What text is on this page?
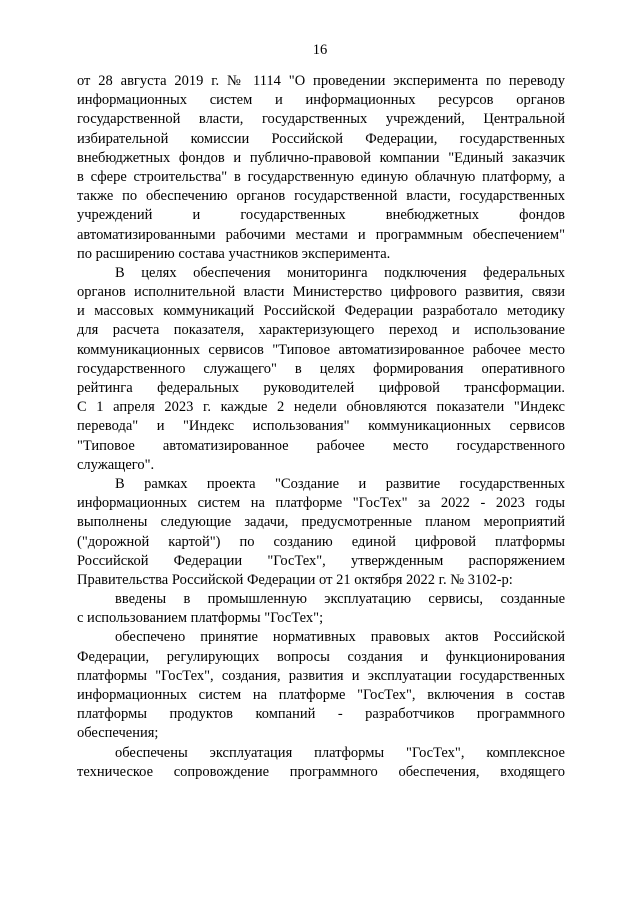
16

от 28 августа 2019 г. № 1114 "О проведении эксперимента по переводу
информационных систем и информационных ресурсов органов
государственной власти, государственных учреждений, Центральной
избирательной комиссии Российской Федерации, государственных
внебюджетных фондов и публично-правовой компании "Единый заказчик
в сфере строительства" в государственную единую облачную платформу, а
также по обеспечению органов государственной власти, государственных
учреждений и государственных внебюджетных фондов
автоматизированными рабочими местами и программным обеспечением"
по расширению состава участников эксперимента.

В целях обеспечения мониторинга подключения федеральных
органов исполнительной власти Министерство цифрового развития, связи
и массовых коммуникаций Российской Федерации разработало методику
для расчета показателя, характеризующего переход и использование
коммуникационных сервисов "Типовое автоматизированное рабочее место
государственного служащего" в целях формирования оперативного
рейтинга федеральных руководителей цифровой трансформации.
С 1 апреля 2023 г. каждые 2 недели обновляются показатели "Индекс
перевода" и "Индекс использования" коммуникационных сервисов
"Типовое автоматизированное рабочее место государственного
служащего".

В рамках проекта "Создание и развитие государственных
информационных систем на платформе "ГосТех" за 2022 - 2023 годы
выполнены следующие задачи, предусмотренные планом мероприятий
("дорожной картой") по созданию единой цифровой платформы
Российской Федерации "ГосТех", утвержденным распоряжением
Правительства Российской Федерации от 21 октября 2022 г. № 3102-р:

введены в промышленную эксплуатацию сервисы, созданные
с использованием платформы "ГосТех";

обеспечено принятие нормативных правовых актов Российской
Федерации, регулирующих вопросы создания и функционирования
платформы "ГосТех", создания, развития и эксплуатации государственных
информационных систем на платформе "ГосТех", включения в состав
платформы продуктов компаний - разработчиков программного
обеспечения;

обеспечены эксплуатация платформы "ГосТех", комплексное
техническое сопровождение программного обеспечения, входящего
